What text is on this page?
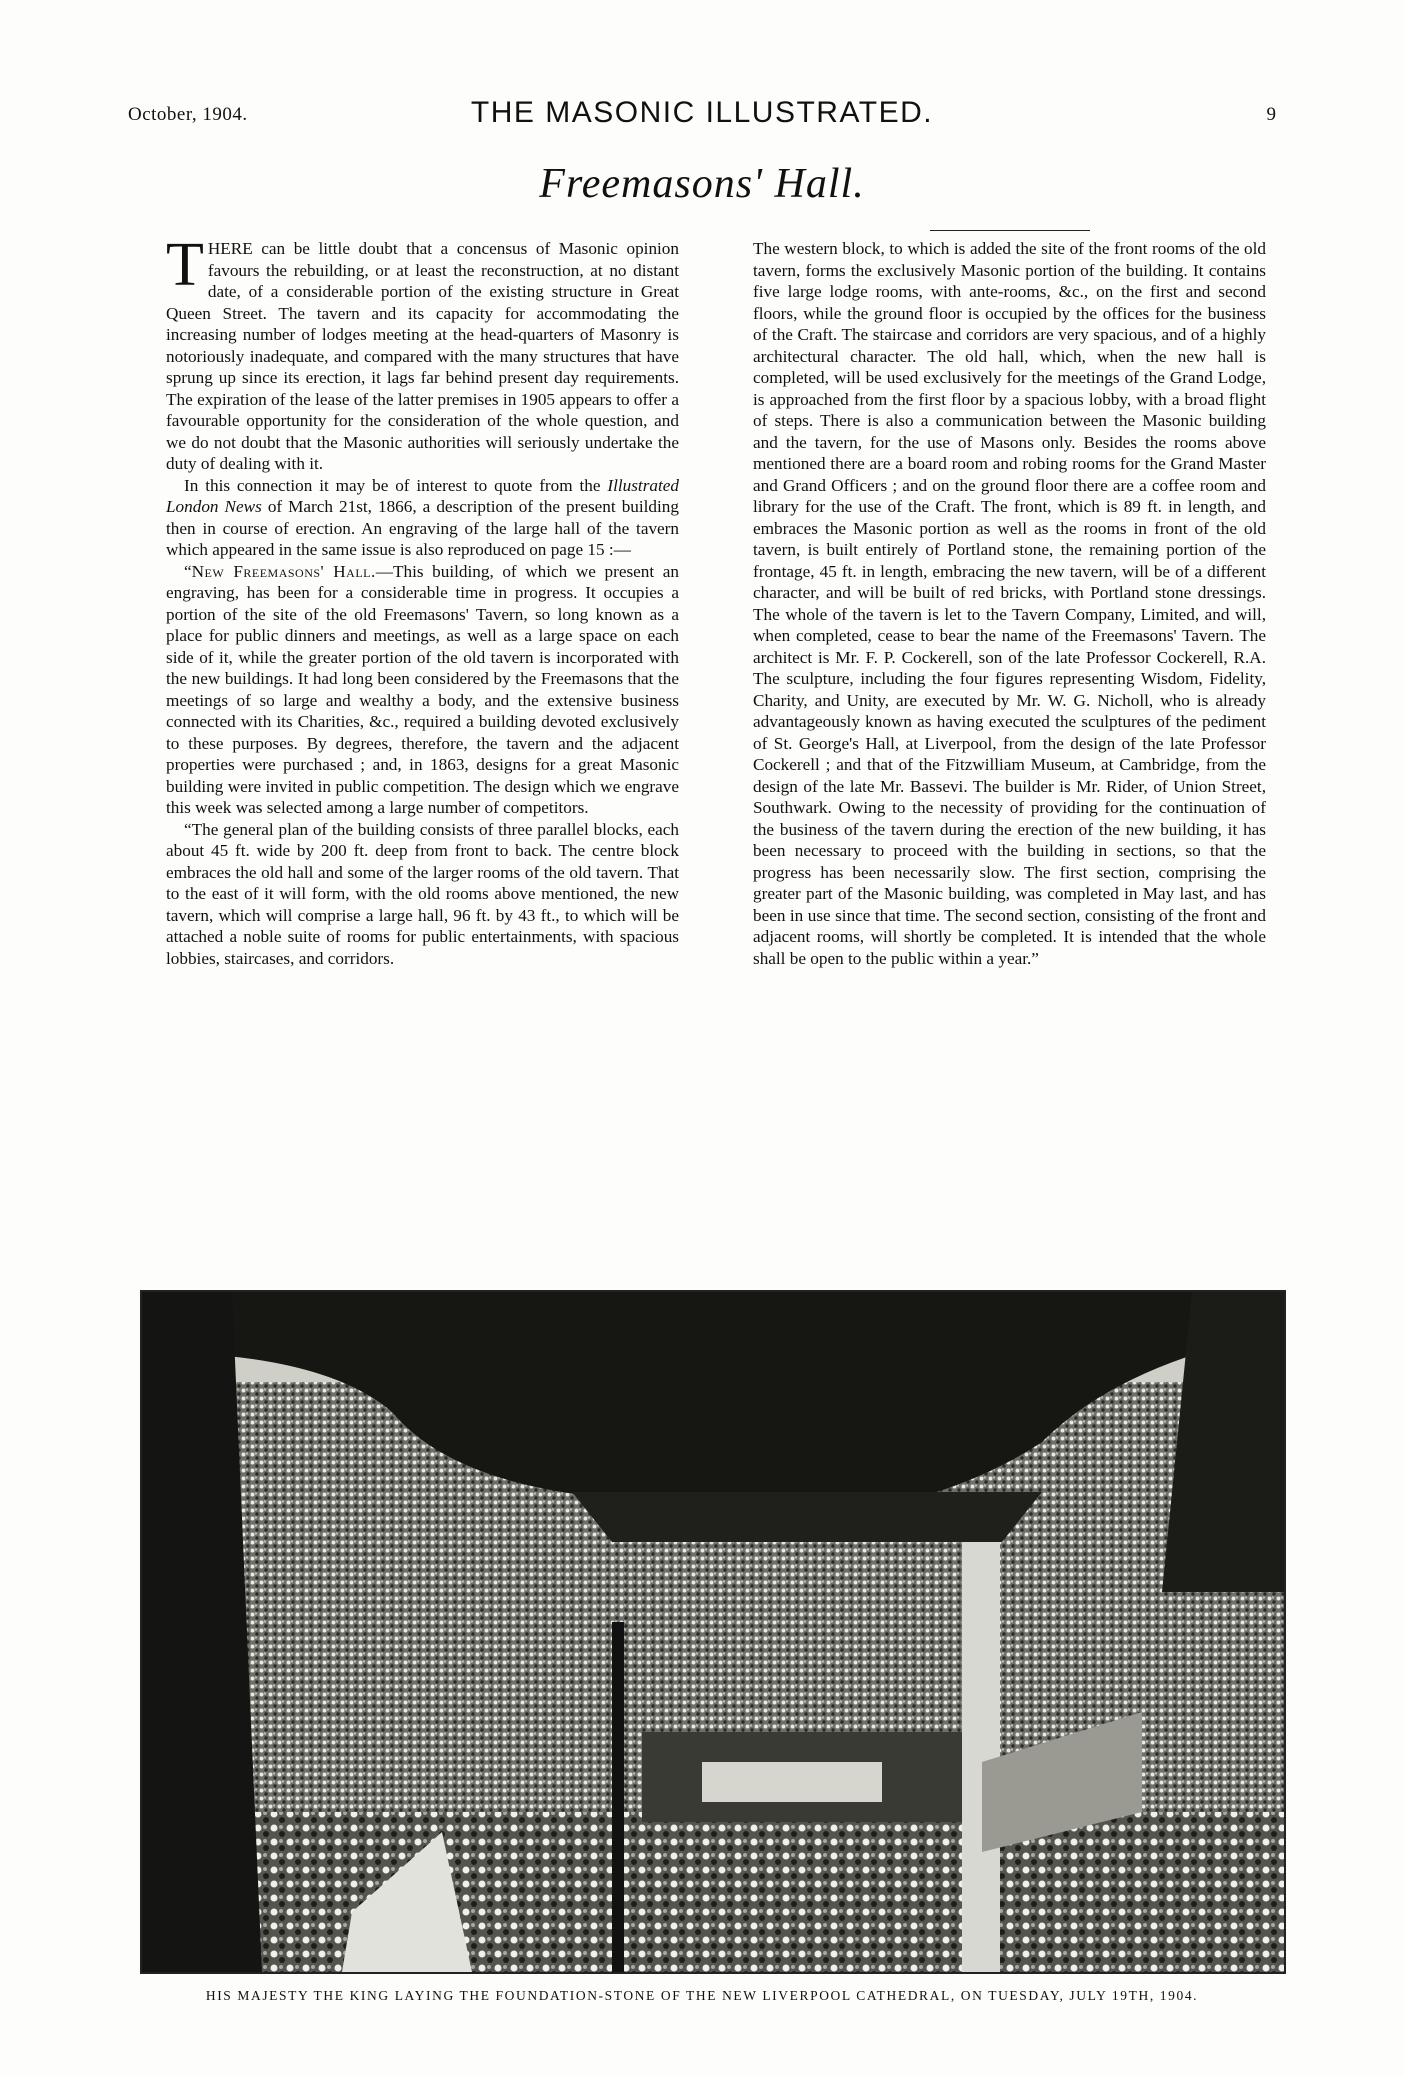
October, 1904.	THE MASONIC ILLUSTRATED.	9
Freemasons' Hall.

THERE can be little doubt that a concensus of Masonic opinion favours the rebuilding, or at least the reconstruction, at no distant date, of a considerable portion of the existing structure in Great Queen Street. The tavern and its capacity for accommodating the increasing number of lodges meeting at the head-quarters of Masonry is notoriously inadequate, and compared with the many structures that have sprung up since its erection, it lags far behind present day requirements. The expiration of the lease of the latter premises in 1905 appears to offer a favourable opportunity for the consideration of the whole question, and we do not doubt that the Masonic authorities will seriously undertake the duty of dealing with it.

In this connection it may be of interest to quote from the Illustrated London News of March 21st, 1866, a description of the present building then in course of erection. An engraving of the large hall of the tavern which appeared in the same issue is also reproduced on page 15 :—

“New Freemasons' Hall.—This building, of which we present an engraving, has been for a considerable time in progress. It occupies a portion of the site of the old Freemasons' Tavern, so long known as a place for public dinners and meetings, as well as a large space on each side of it, while the greater portion of the old tavern is incorporated with the new buildings. It had long been considered by the Freemasons that the meetings of so large and wealthy a body, and the extensive business connected with its Charities, &c., required a building devoted exclusively to these purposes. By degrees, therefore, the tavern and the adjacent properties were purchased ; and, in 1863, designs for a great Masonic building were invited in public competition. The design which we engrave this week was selected among a large number of competitors.

“The general plan of the building consists of three parallel blocks, each about 45 ft. wide by 200 ft. deep from front to back. The centre block embraces the old hall and some of the larger rooms of the old tavern. That to the east of it will form, with the old rooms above mentioned, the new tavern, which will comprise a large hall, 96 ft. by 43 ft., to which will be attached a noble suite of rooms for public entertainments, with spacious lobbies, staircases, and corridors.

The western block, to which is added the site of the front rooms of the old tavern, forms the exclusively Masonic portion of the building. It contains five large lodge rooms, with ante-rooms, &c., on the first and second floors, while the ground floor is occupied by the offices for the business of the Craft. The staircase and corridors are very spacious, and of a highly architectural character. The old hall, which, when the new hall is completed, will be used exclusively for the meetings of the Grand Lodge, is approached from the first floor by a spacious lobby, with a broad flight of steps. There is also a communication between the Masonic building and the tavern, for the use of Masons only. Besides the rooms above mentioned there are a board room and robing rooms for the Grand Master and Grand Officers ; and on the ground floor there are a coffee room and library for the use of the Craft. The front, which is 89 ft. in length, and embraces the Masonic portion as well as the rooms in front of the old tavern, is built entirely of Portland stone, the remaining portion of the frontage, 45 ft. in length, embracing the new tavern, will be of a different character, and will be built of red bricks, with Portland stone dressings. The whole of the tavern is let to the Tavern Company, Limited, and will, when completed, cease to bear the name of the Freemasons' Tavern. The architect is Mr. F. P. Cockerell, son of the late Professor Cockerell, R.A. The sculpture, including the four figures representing Wisdom, Fidelity, Charity, and Unity, are executed by Mr. W. G. Nicholl, who is already advantageously known as having executed the sculptures of the pediment of St. George's Hall, at Liverpool, from the design of the late Professor Cockerell ; and that of the Fitzwilliam Museum, at Cambridge, from the design of the late Mr. Bassevi. The builder is Mr. Rider, of Union Street, Southwark. Owing to the necessity of providing for the continuation of the business of the tavern during the erection of the new building, it has been necessary to proceed with the building in sections, so that the progress has been necessarily slow. The first section, comprising the greater part of the Masonic building, was completed in May last, and has been in use since that time. The second section, consisting of the front and adjacent rooms, will shortly be completed. It is intended that the whole shall be open to the public within a year.”

HIS MAJESTY THE KING LAYING THE FOUNDATION-STONE OF THE NEW LIVERPOOL CATHEDRAL, ON TUESDAY, JULY 19TH, 1904.
